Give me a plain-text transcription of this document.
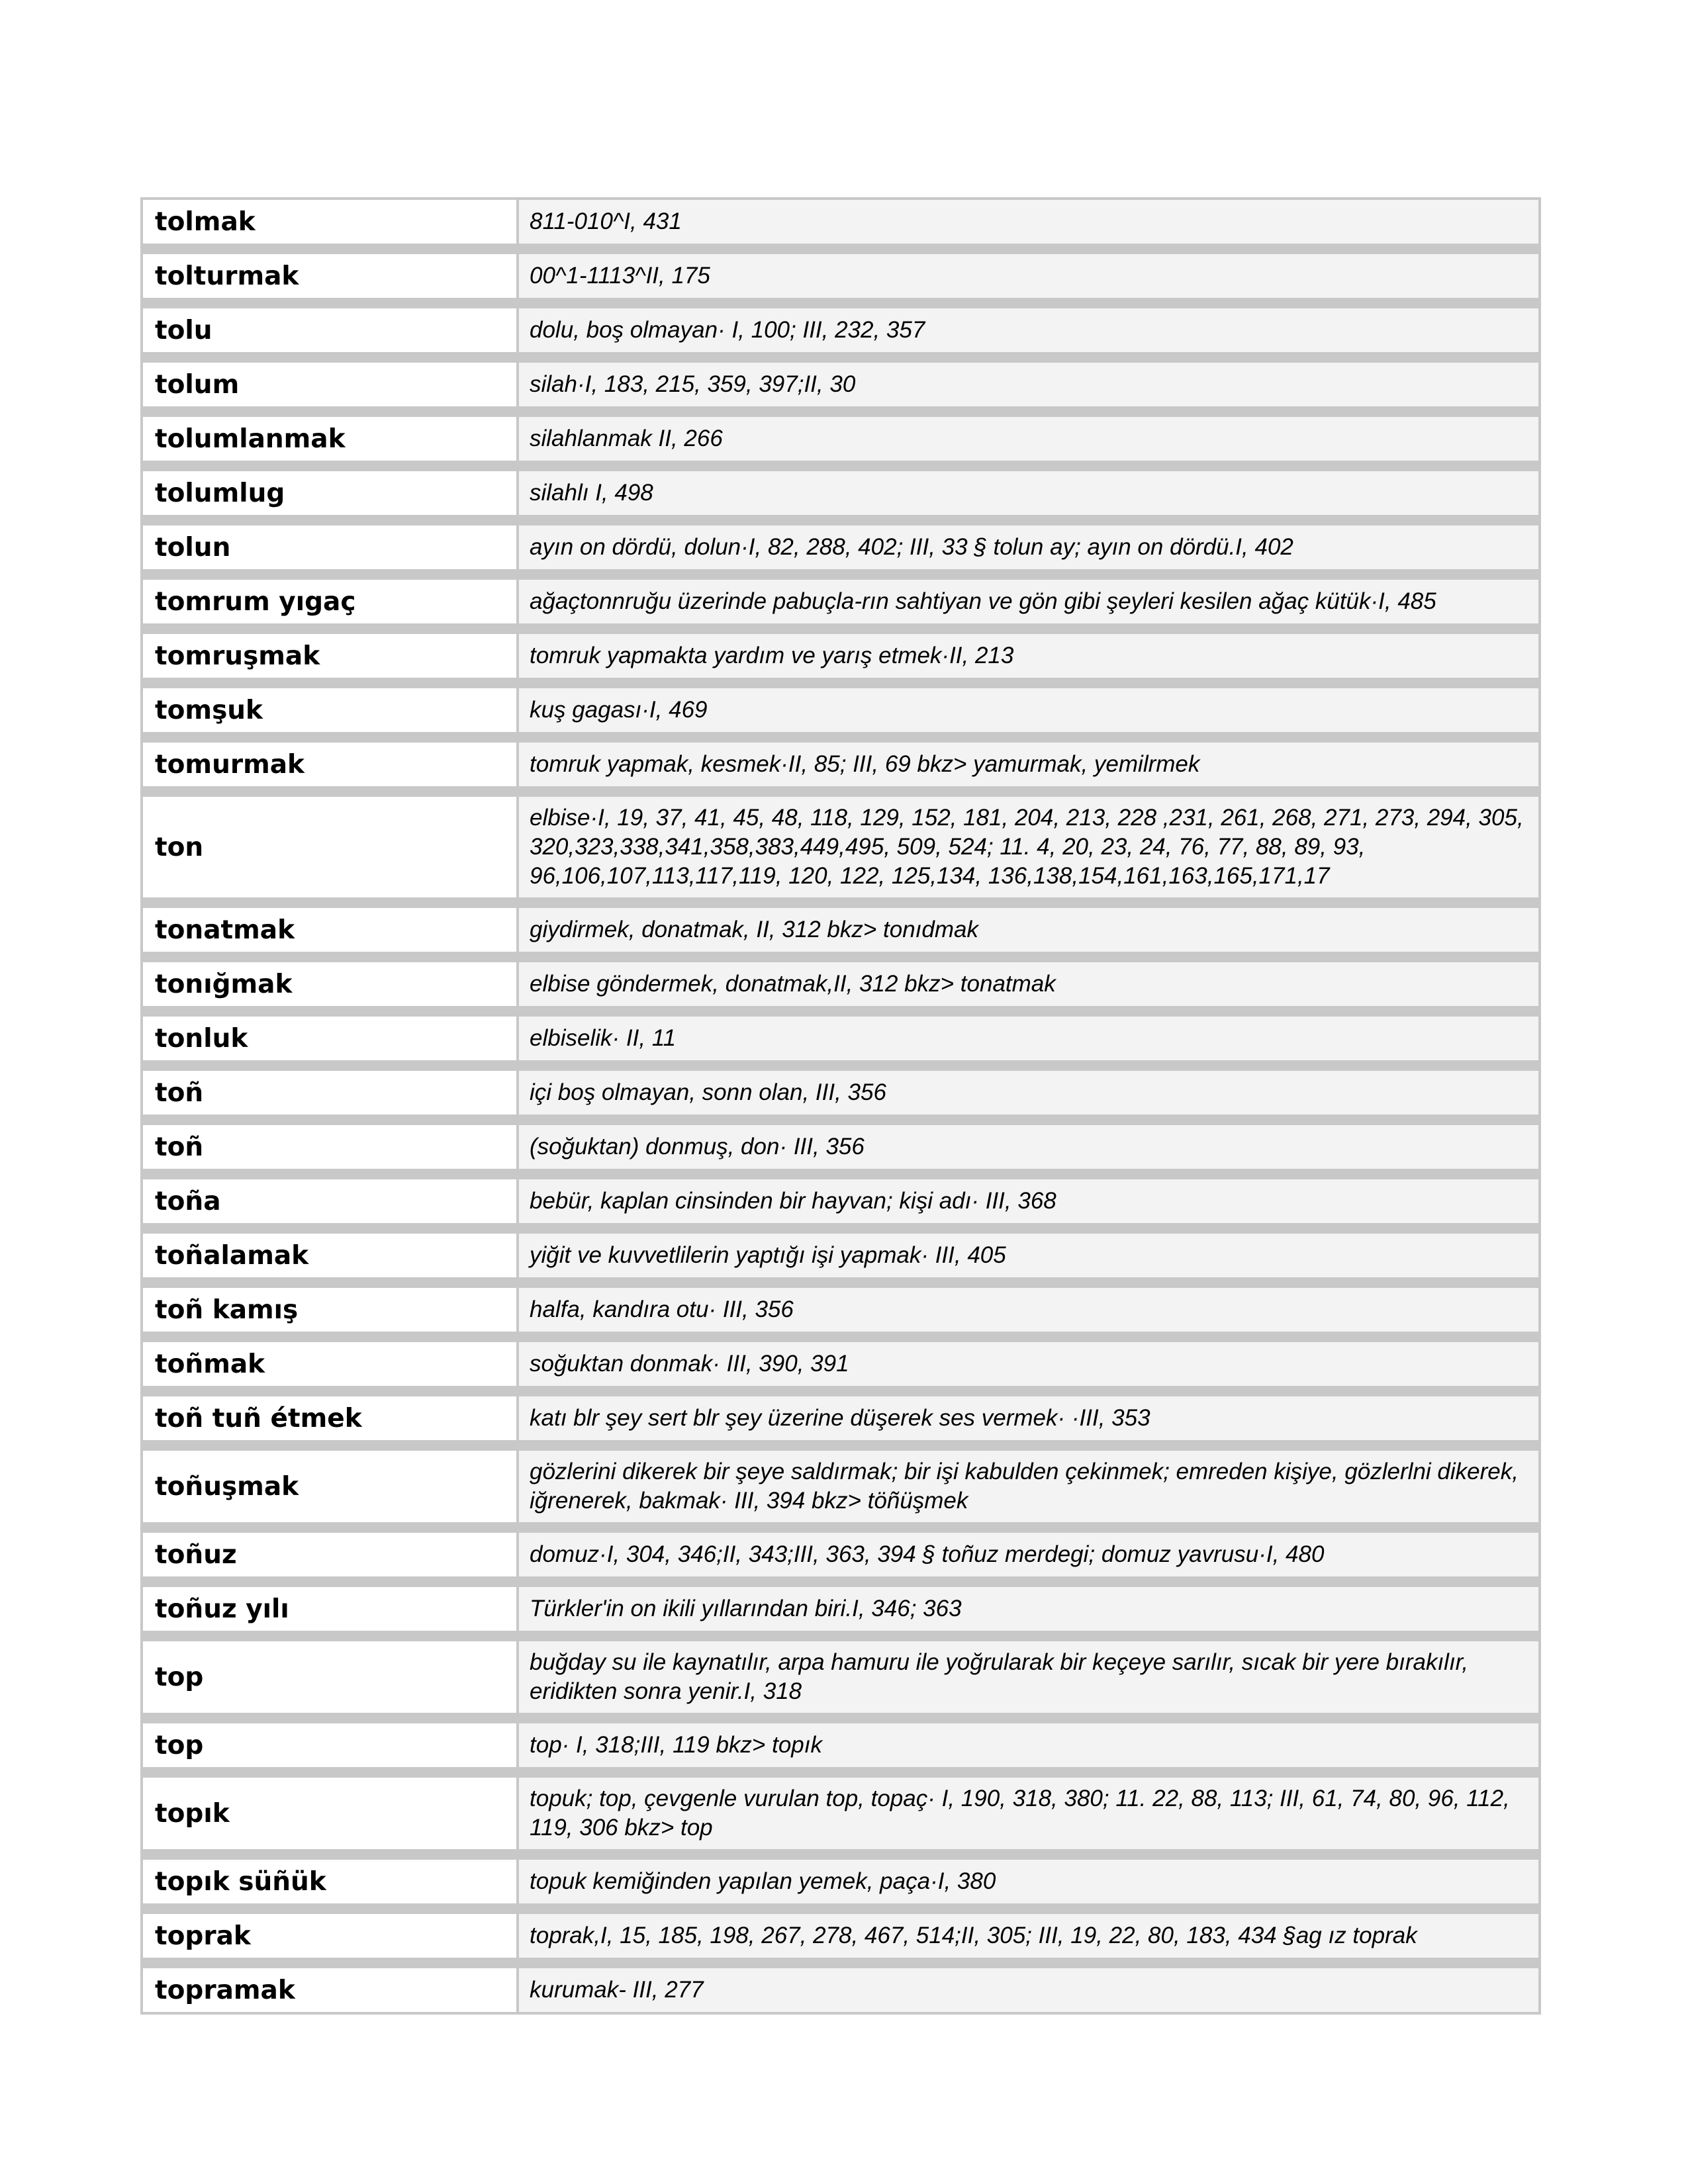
tolmak	811-010^I, 431
tolturmak	00^1-1113^II, 175
tolu	dolu, boş olmayan· I, 100; III, 232, 357
tolum	silah·I, 183, 215, 359, 397;II, 30
tolumlanmak	silahlanmak II, 266
tolumlug	silahlı I, 498
tolun	ayın on dördü, dolun·I, 82, 288, 402; III, 33 § tolun ay; ayın on dördü.I, 402
tomrum yıgaç	ağaçtonnruğu üzerinde pabuçla-rın sahtiyan ve gön gibi şeyleri kesilen ağaç kütük·I, 485
tomruşmak	tomruk yapmakta yardım ve yarış etmek·II, 213
tomşuk	kuş gagası·I, 469
tomurmak	tomruk yapmak, kesmek·II, 85; III, 69 bkz> yamurmak, yemilrmek
ton	elbise·I, 19, 37, 41, 45, 48, 118, 129, 152, 181, 204, 213, 228 ,231, 261, 268, 271, 273, 294, 305, 320,323,338,341,358,383,449,495, 509, 524; 11. 4, 20, 23, 24, 76, 77, 88, 89, 93, 96,106,107,113,117,119, 120, 122, 125,134, 136,138,154,161,163,165,171,17
tonatmak	giydirmek, donatmak, II, 312 bkz> tonıdmak
tonığmak	elbise göndermek, donatmak,II, 312 bkz> tonatmak
tonluk	elbiselik· II, 11
toñ	içi boş olmayan, sonn olan, III, 356
toñ	(soğuktan) donmuş, don· III, 356
toña	bebür, kaplan cinsinden bir hayvan; kişi adı· III, 368
toñalamak	yiğit ve kuvvetlilerin yaptığı işi yapmak· III, 405
toñ kamış	halfa, kandıra otu· III, 356
toñmak	soğuktan donmak· III, 390, 391
toñ tuñ étmek	katı blr şey sert blr şey üzerine düşerek ses vermek· ·III, 353
toñuşmak	gözlerini dikerek bir şeye saldırmak; bir işi kabulden çekinmek; emreden kişiye, gözlerlni dikerek, iğrenerek, bakmak· III, 394 bkz> töñüşmek
toñuz	domuz·I, 304, 346;II, 343;III, 363, 394 § toñuz merdegi; domuz yavrusu·I, 480
toñuz yılı	Türkler'in on ikili yıllarından biri.I, 346; 363
top	buğday su ile kaynatılır, arpa hamuru ile yoğrularak bir keçeye sarılır, sıcak bir yere bırakılır, eridikten sonra yenir.I, 318
top	top· I, 318;III, 119 bkz> topık
topık	topuk; top, çevgenle vurulan top, topaç· I, 190, 318, 380; 11. 22, 88, 113; III, 61, 74, 80, 96, 112, 119, 306 bkz> top
topık süñük	topuk kemiğinden yapılan yemek, paça·I, 380
toprak	toprak,I, 15, 185, 198, 267, 278, 467, 514;II, 305; III, 19, 22, 80, 183, 434 §ag ız toprak
topramak	kurumak- III, 277
